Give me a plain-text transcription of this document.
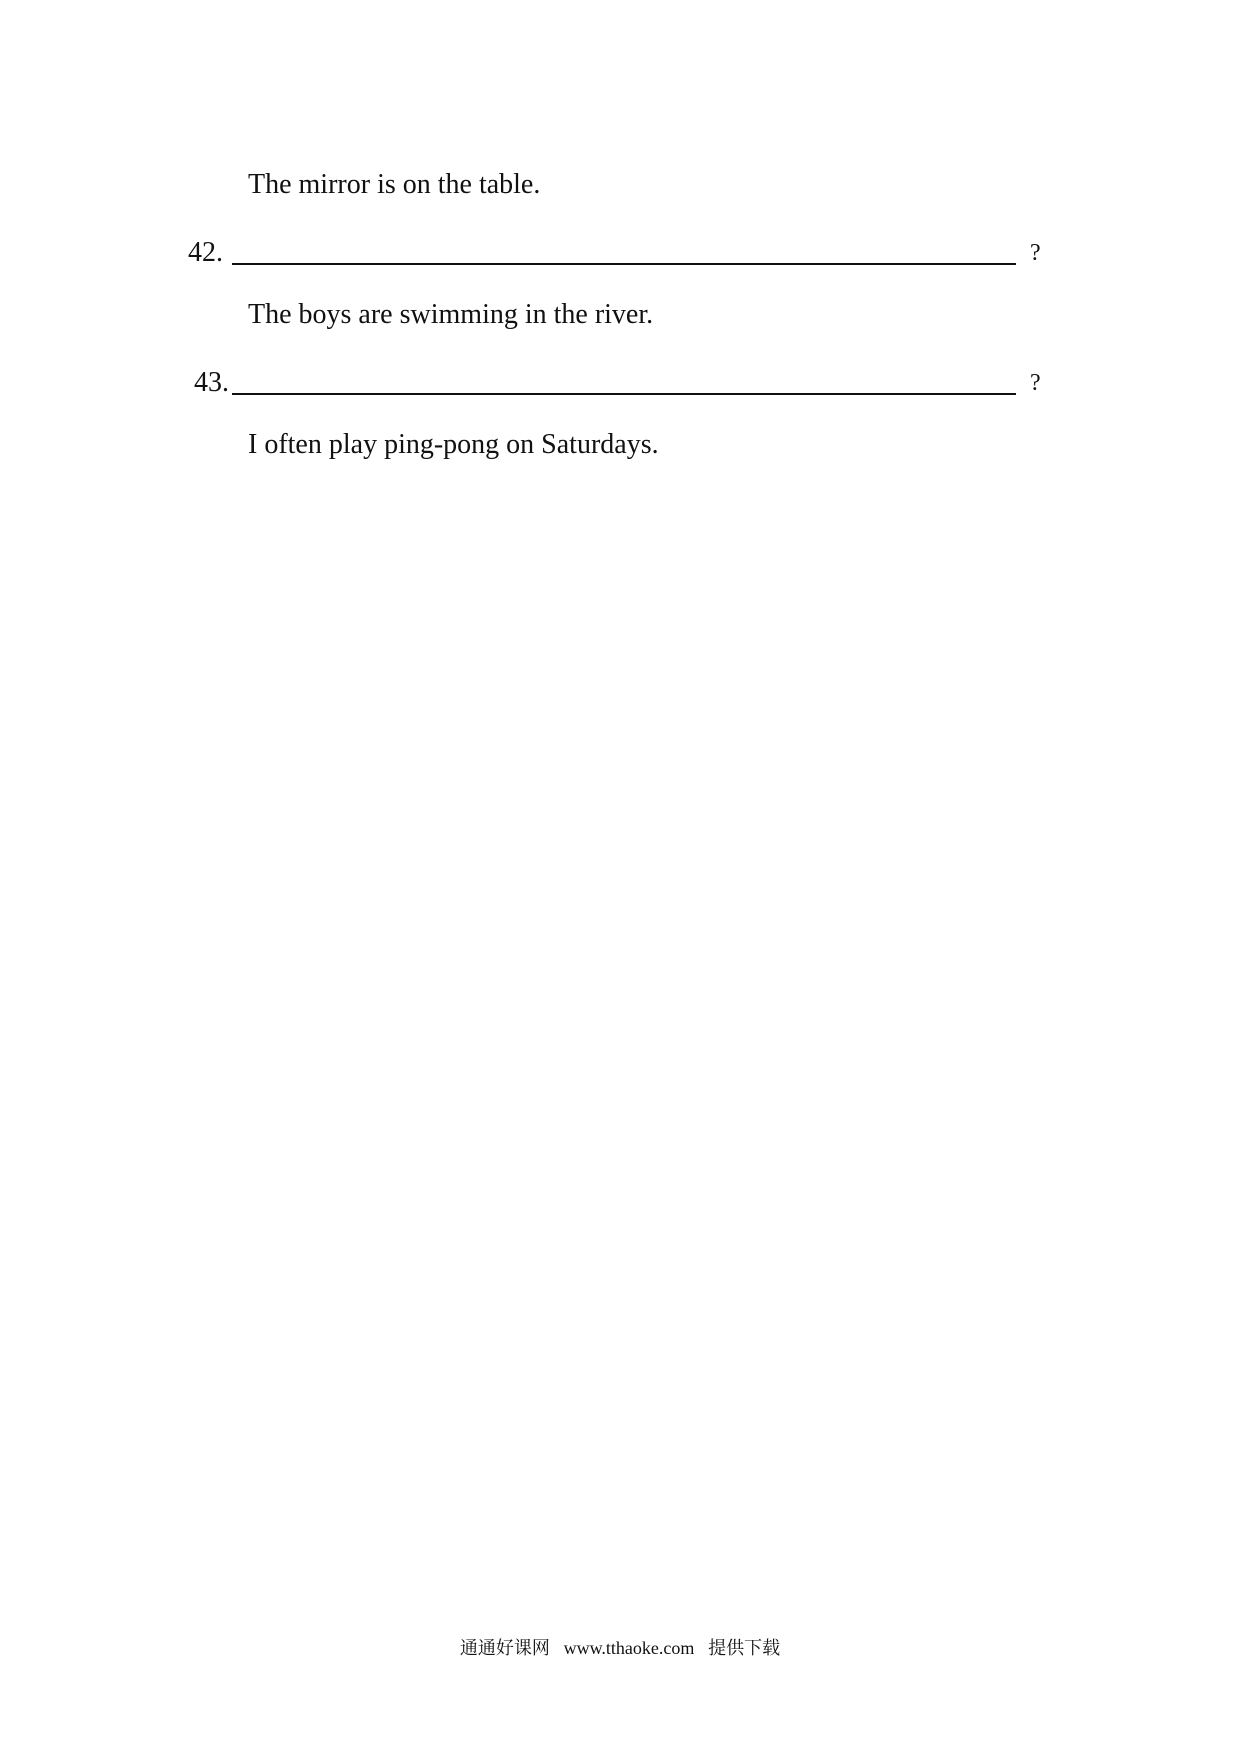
The mirror is on the table.
42.	?
The boys are swimming in the river.
43.	?
I often play ping-pong on Saturdays.
通通好课网 www.tthaoke.com 提供下载
